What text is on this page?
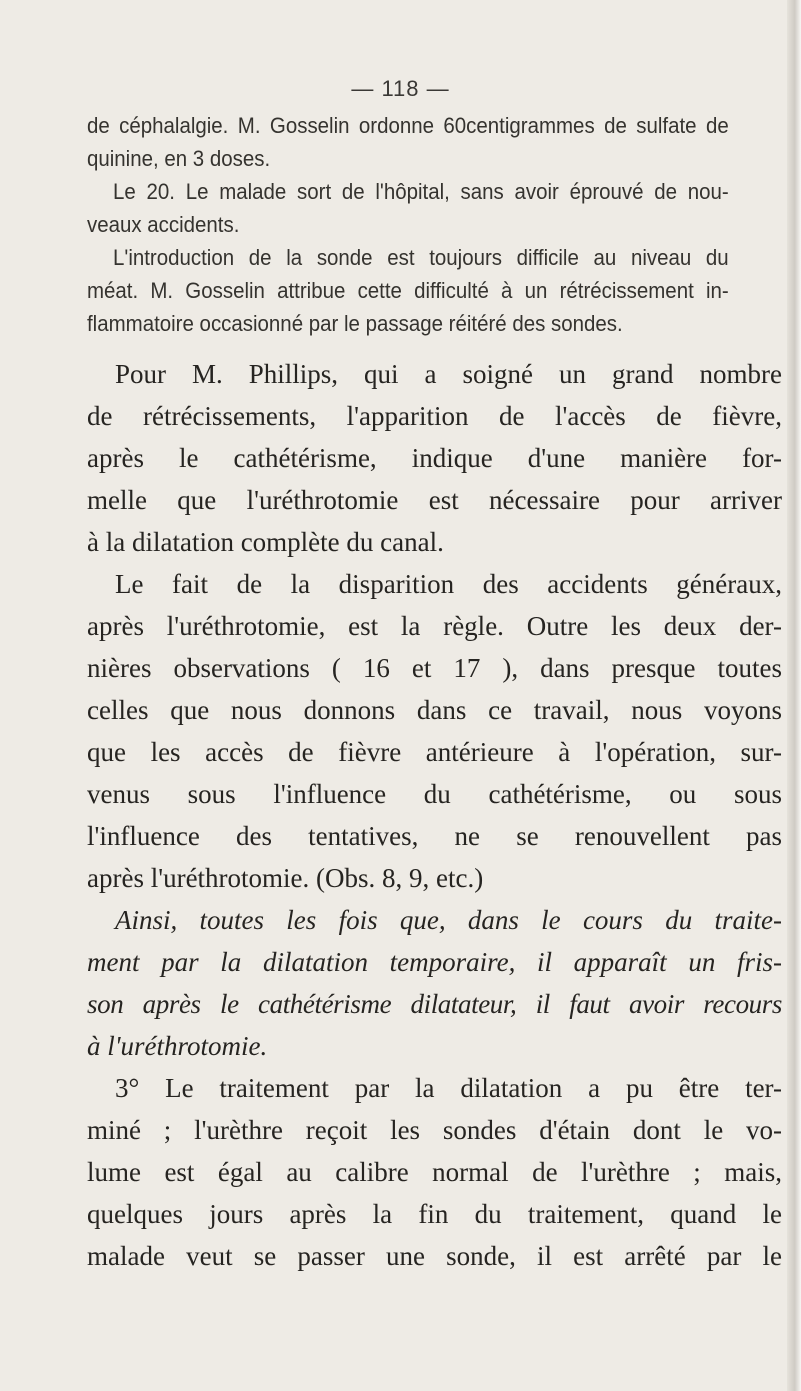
— 118 —

de céphalalgie. M. Gosselin ordonne 60centigrammes de sulfate de
quinine, en 3 doses.

Le 20. Le malade sort de l'hôpital, sans avoir éprouvé de nou-
veaux accidents.

L'introduction de la sonde est toujours difficile au niveau du
méat. M. Gosselin attribue cette difficulté à un rétrécissement in-
flammatoire occasionné par le passage réitéré des sondes.

Pour M. Phillips, qui a soigné un grand nombre
de rétrécissements, l'apparition de l'accès de fièvre,
après le cathétérisme, indique d'une manière for-
melle que l'uréthrotomie est nécessaire pour arriver
à la dilatation complète du canal.

Le fait de la disparition des accidents généraux,
après l'uréthrotomie, est la règle. Outre les deux der-
nières observations ( 16 et 17 ), dans presque toutes
celles que nous donnons dans ce travail, nous voyons
que les accès de fièvre antérieure à l'opération, sur-
venus sous l'influence du cathétérisme, ou sous
l'influence des tentatives, ne se renouvellent pas
après l'uréthrotomie. (Obs. 8, 9, etc.)

Ainsi, toutes les fois que, dans le cours du traite-
ment par la dilatation temporaire, il apparaît un fris-
son après le cathétérisme dilatateur, il faut avoir recours
à l'uréthrotomie.

3° Le traitement par la dilatation a pu être ter-
miné ; l'urèthre reçoit les sondes d'étain dont le vo-
lume est égal au calibre normal de l'urèthre ; mais,
quelques jours après la fin du traitement, quand le
malade veut se passer une sonde, il est arrêté par le
